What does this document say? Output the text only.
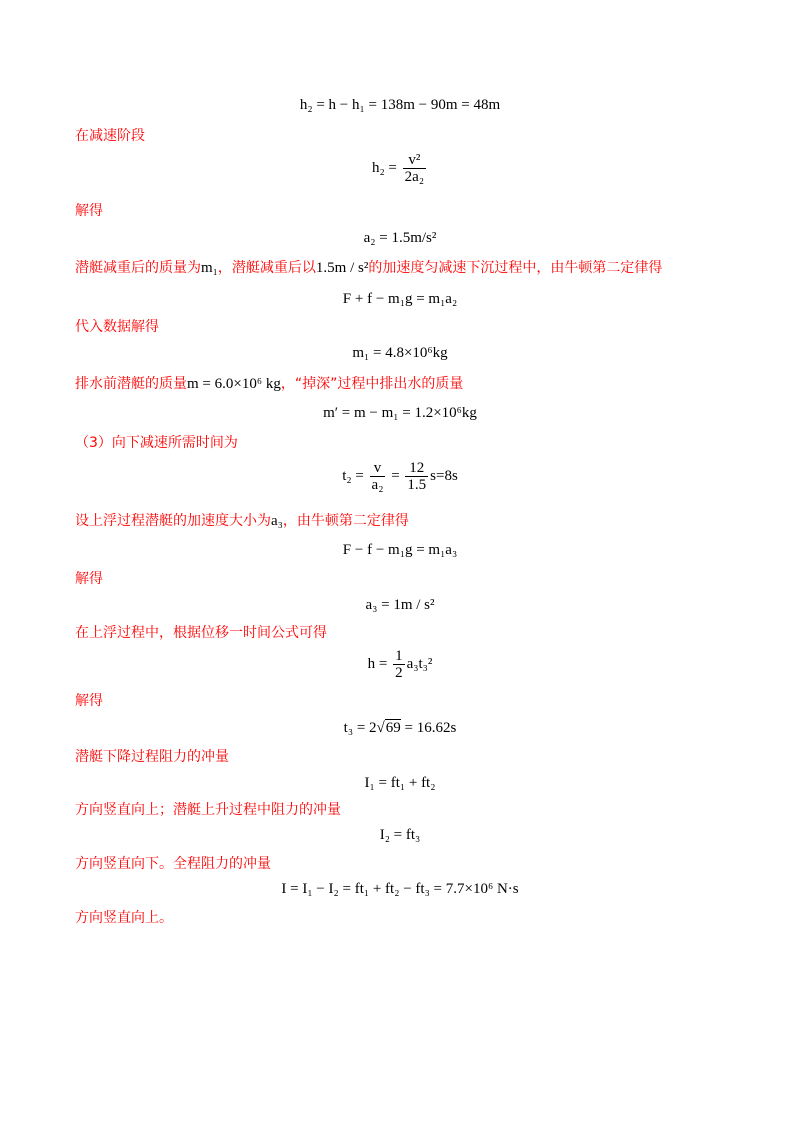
h₂ = h − h₁ = 138m − 90m = 48m
在减速阶段
$h_2 = \frac{\text{v²}}{\text{2a₂}}$
解得
a₂ = 1.5m/s²
潜艇减重后的质量为m₁，潜艇减重后以1.5m / s²的加速度匀减速下沉过程中，由牛顿第二定律得
F + f − m₁g = m₁a₂
代入数据解得
m₁ = 4.8×10⁶kg
排水前潜艇的质量m = 6.0×10⁶ kg，“掉深”过程中排出水的质量
m′ = m − m₁ = 1.2×10⁶kg
（3）向下减速所需时间为
$t_2 = \frac{v}{\text{a₂}} = \frac{12}{1.5} s=8s$
设上浮过程潜艇的加速度大小为a₃，由牛顿第二定律得
F − f − m₁g = m₁a₃
解得
a₃ = 1m / s²
在上浮过程中，根据位移一时间公式可得
$h = \frac{1}{2} a_3t_3^2$
解得
t₃ = 2√69 = 16.62s
潜艇下降过程阻力的冲量
I₁ = ft₁ + ft₂
方向竖直向上；潜艇上升过程中阻力的冲量
I₂ = ft₃
方向竖直向下。全程阻力的冲量
I = I₁ − I₂ = ft₁ + ft₂ − ft₃ = 7.7×10⁶ N·s
方向竖直向上。
